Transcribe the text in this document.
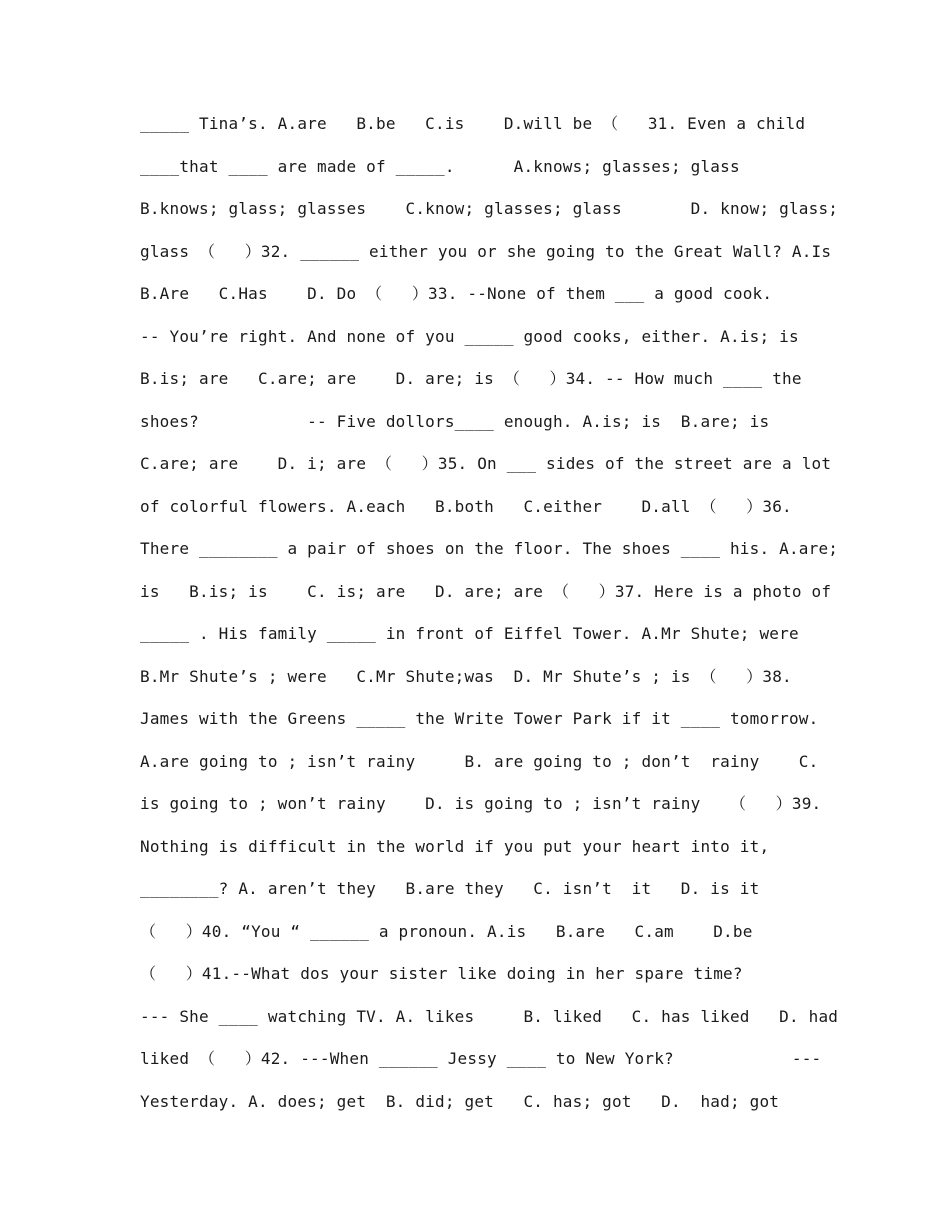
_____ Tina’s. A.are   B.be   C.is    D.will be （   31. Even a child
____that ____ are made of _____.      A.knows; glasses; glass
B.knows; glass; glasses    C.know; glasses; glass       D. know; glass;
glass （   ）32. ______ either you or she going to the Great Wall? A.Is
B.Are   C.Has    D. Do （   ）33. --None of them ___ a good cook.
-- You’re right. And none of you _____ good cooks, either. A.is; is
B.is; are   C.are; are    D. are; is （   ）34. -- How much ____ the
shoes?           -- Five dollors____ enough. A.is; is  B.are; is
C.are; are    D. i; are （   ）35. On ___ sides of the street are a lot
of colorful flowers. A.each   B.both   C.either    D.all （   ）36.
There ________ a pair of shoes on the floor. The shoes ____ his. A.are;
is   B.is; is    C. is; are   D. are; are （   ）37. Here is a photo of
_____ . His family _____ in front of Eiffel Tower. A.Mr Shute; were
B.Mr Shute’s ; were   C.Mr Shute;was  D. Mr Shute’s ; is （   ）38.
James with the Greens _____ the Write Tower Park if it ____ tomorrow.
A.are going to ; isn’t rainy     B. are going to ; don’t  rainy    C.
is going to ; won’t rainy    D. is going to ; isn’t rainy   （   ）39.
Nothing is difficult in the world if you put your heart into it,
________? A. aren’t they   B.are they   C. isn’t  it   D. is it
（   ）40. “You “ ______ a pronoun. A.is   B.are   C.am    D.be
（   ）41.--What dos your sister like doing in her spare time?
--- She ____ watching TV. A. likes     B. liked   C. has liked   D. had
liked （   ）42. ---When ______ Jessy ____ to New York?            ---
Yesterday. A. does; get  B. did; get   C. has; got   D.  had; got
